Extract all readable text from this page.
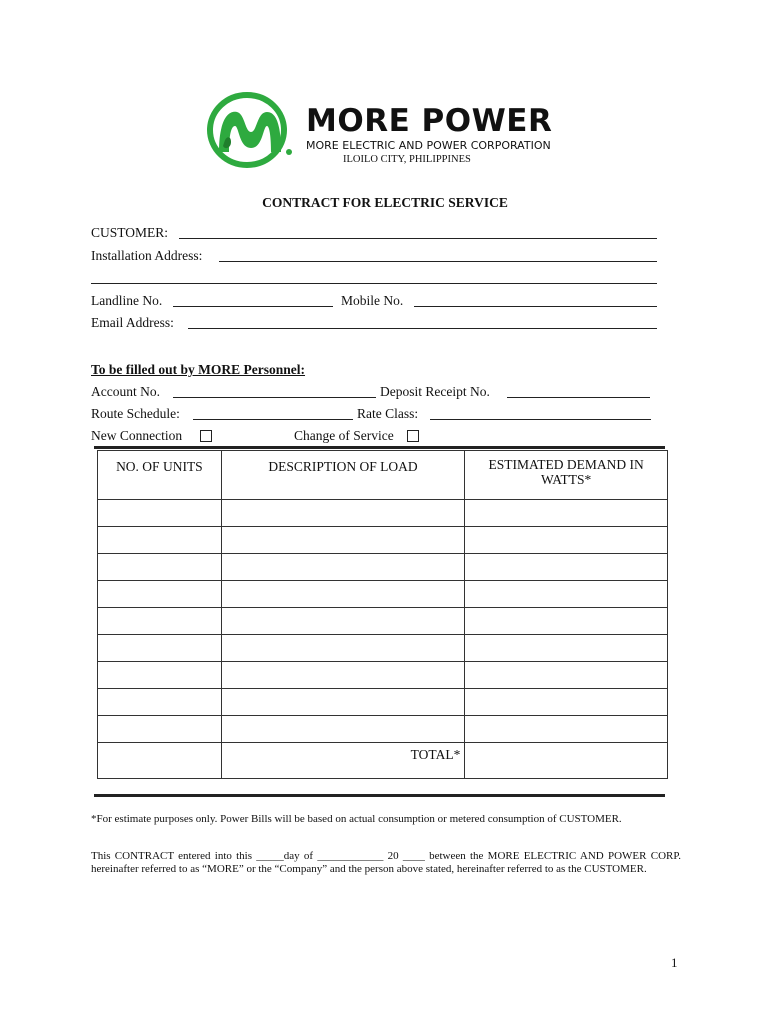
MORE POWER
MORE ELECTRIC AND POWER CORPORATION
ILOILO CITY, PHILIPPINES
CONTRACT FOR ELECTRIC SERVICE
CUSTOMER:
Installation Address:
Landline No.	Mobile No.
Email Address:
To be filled out by MORE Personnel:
Account No.	Deposit Receipt No.
Route Schedule:	Rate Class:
New Connection	Change of Service
NO. OF UNITS	DESCRIPTION OF LOAD	ESTIMATED DEMAND IN WATTS*

	TOTAL*	
*For estimate purposes only. Power Bills will be based on actual consumption or metered consumption of CUSTOMER.
This CONTRACT entered into this _____day of ____________ 20 ____ between the MORE ELECTRIC AND POWER CORP. hereinafter referred to as “MORE” or the “Company” and the person above stated, hereinafter referred to as the CUSTOMER.
1
